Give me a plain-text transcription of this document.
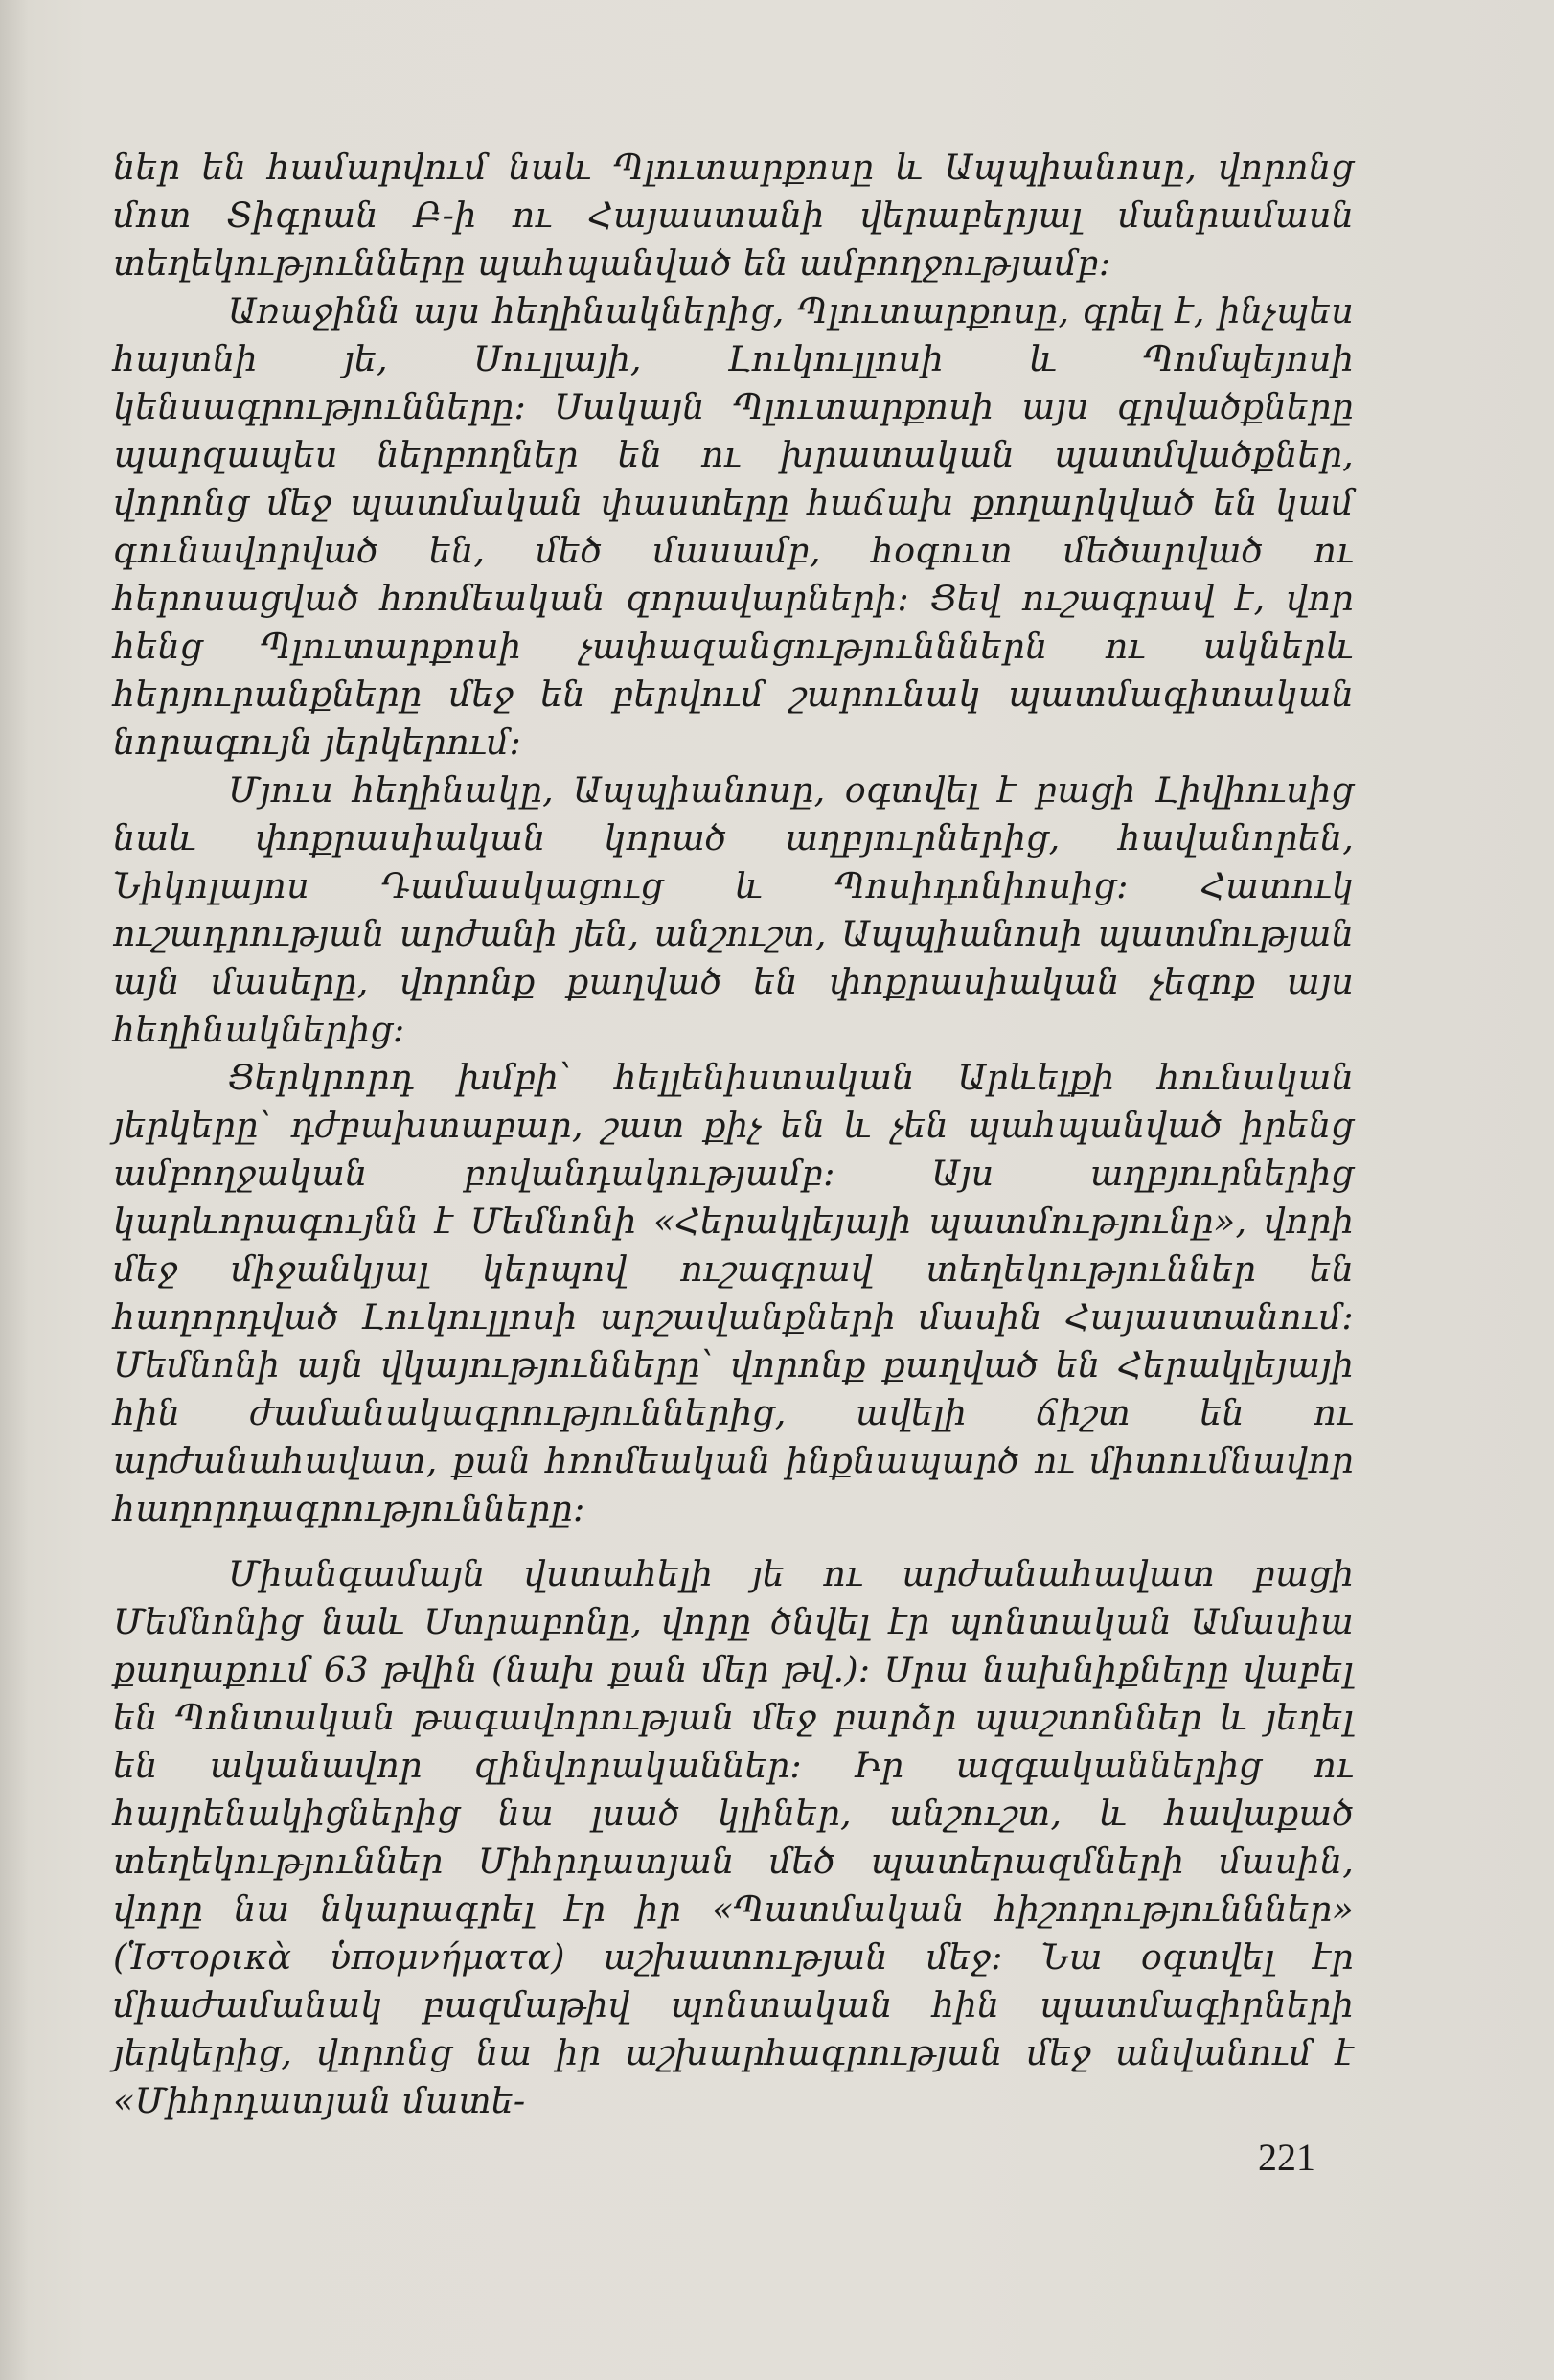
ներ են համարվում նաև Պլուտարքոսը և Ապպիանոսը, վորոնց մոտ Տիգրան Բ-ի ու Հայաստանի վերաբերյալ մանրամասն տեղեկությունները պահպանված են ամբողջությամբ։

Առաջինն այս հեղինակներից, Պլուտարքոսը, գրել է, ինչպես հայտնի յե, Սուլլայի, Լուկուլլոսի և Պոմպեյոսի կենսագրությունները։ Սակայն Պլուտարքոսի այս գրվածքները պարզապես ներբողներ են ու խրատական պատմվածքներ, վորոնց մեջ պատմական փաստերը հաճախ քողարկված են կամ գունավորված են, մեծ մասամբ, հօգուտ մեծարված ու հերոսացված հռոմեական զորավարների։ Ցեվ ուշագրավ է, վոր հենց Պլուտարքոսի չափազանցությունններն ու ակներև հերյուրանքները մեջ են բերվում շարունակ պատմագիտական նորագույն յերկերում։

Մյուս հեղինակը, Ապպիանոսը, օգտվել է բացի Լիվիուսից նաև փոքրասիական կորած աղբյուրներից, հավանորեն, Նիկոլայոս Դամասկացուց և Պոսիդոնիոսից։ Հատուկ ուշադրության արժանի յեն, անշուշտ, Ապպիանոսի պատմության այն մասերը, վորոնք քաղված են փոքրասիական չեզոք այս հեղինակներից։

Ցերկրորդ խմբի՝ հելլենիստական Արևելքի հունական յերկերը՝ դժբախտաբար, շատ քիչ են և չեն պահպանված իրենց ամբողջական բովանդակությամբ։ Այս աղբյուրներից կարևորագույնն է Մեմնոնի «Հերակլեյայի պատմությունը», վորի մեջ միջանկյալ կերպով ուշագրավ տեղեկություններ են հաղորդված Լուկուլլոսի արշավանքների մասին Հայաստանում։ Մեմնոնի այն վկայությունները՝ վորոնք քաղված են Հերակլեյայի հին ժամանակագրություններից, ավելի ճիշտ են ու արժանահավատ, քան հռոմեական ինքնապարծ ու միտումնավոր հաղորդագրությունները։

Միանգամայն վստահելի յե ու արժանահավատ բացի Մեմնոնից նաև Ստրաբոնը, վորը ծնվել էր պոնտական Ամասիա քաղաքում 63 թվին (նախ քան մեր թվ.)։ Սրա նախնիքները վաբել են Պոնտական թագավորության մեջ բարձր պաշտոններ և յեղել են ականավոր զինվորականներ։ Իր ազգականներից ու հայրենակիցներից նա լսած կլիներ, անշուշտ, և հավաքած տեղեկություններ Միհրդատյան մեծ պատերազմների մասին, վորը նա նկարագրել էր իր «Պատմական հիշողությունններ» (Ἱστορικὰ ὑπομνήματα) աշխատության մեջ։ Նա օգտվել էր միաժամանակ բազմաթիվ պոնտական հին պատմագիրների յերկերից, վորոնց նա իր աշխարհագրության մեջ անվանում է «Միհրդատյան մատե-

221
